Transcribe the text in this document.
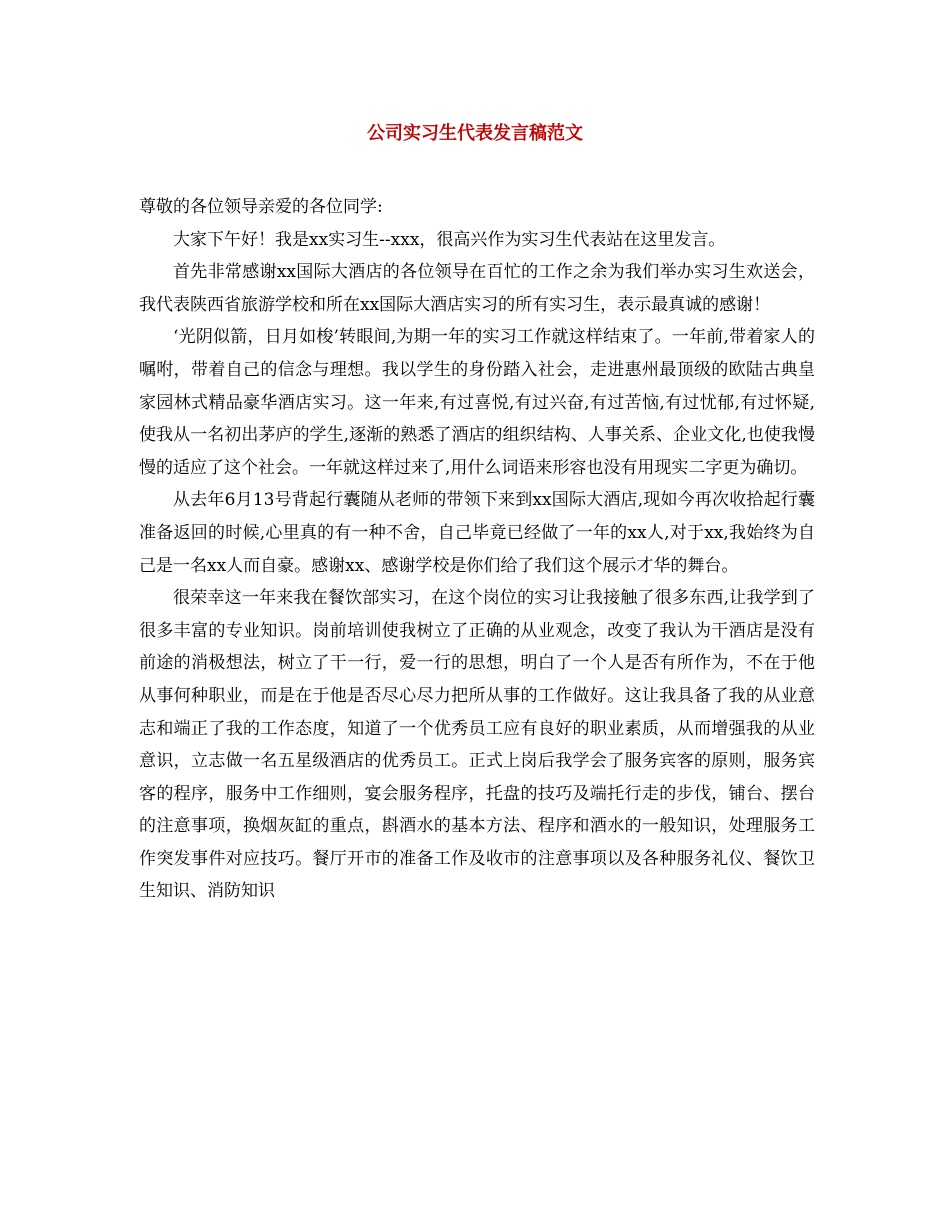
公司实习生代表发言稿范文

尊敬的各位领导亲爱的各位同学:

大家下午好！我是xx实习生--xxx，很高兴作为实习生代表站在这里发言。

首先非常感谢xx国际大酒店的各位领导在百忙的工作之余为我们举办实习生欢送会，我代表陕西省旅游学校和所在xx国际大酒店实习的所有实习生，表示最真诚的感谢！

‘光阴似箭，日月如梭’转眼间,为期一年的实习工作就这样结束了。一年前,带着家人的嘱咐，带着自己的信念与理想。我以学生的身份踏入社会，走进惠州最顶级的欧陆古典皇家园林式精品豪华酒店实习。这一年来,有过喜悦,有过兴奋,有过苦恼,有过忧郁,有过怀疑,使我从一名初出茅庐的学生,逐渐的熟悉了酒店的组织结构、人事关系、企业文化,也使我慢慢的适应了这个社会。一年就这样过来了,用什么词语来形容也没有用现实二字更为确切。

从去年6月13号背起行囊随从老师的带领下来到xx国际大酒店,现如今再次收拾起行囊准备返回的时候,心里真的有一种不舍，自己毕竟已经做了一年的xx人,对于xx,我始终为自己是一名xx人而自豪。感谢xx、感谢学校是你们给了我们这个展示才华的舞台。

很荣幸这一年来我在餐饮部实习，在这个岗位的实习让我接触了很多东西,让我学到了很多丰富的专业知识。岗前培训使我树立了正确的从业观念，改变了我认为干酒店是没有前途的消极想法，树立了干一行，爱一行的思想，明白了一个人是否有所作为，不在于他从事何种职业，而是在于他是否尽心尽力把所从事的工作做好。这让我具备了我的从业意志和端正了我的工作态度，知道了一个优秀员工应有良好的职业素质，从而增强我的从业意识，立志做一名五星级酒店的优秀员工。正式上岗后我学会了服务宾客的原则，服务宾客的程序，服务中工作细则，宴会服务程序，托盘的技巧及端托行走的步伐，铺台、摆台的注意事项，换烟灰缸的重点，斟酒水的基本方法、程序和酒水的一般知识，处理服务工作突发事件对应技巧。餐厅开市的准备工作及收市的注意事项以及各种服务礼仪、餐饮卫生知识、消防知识
